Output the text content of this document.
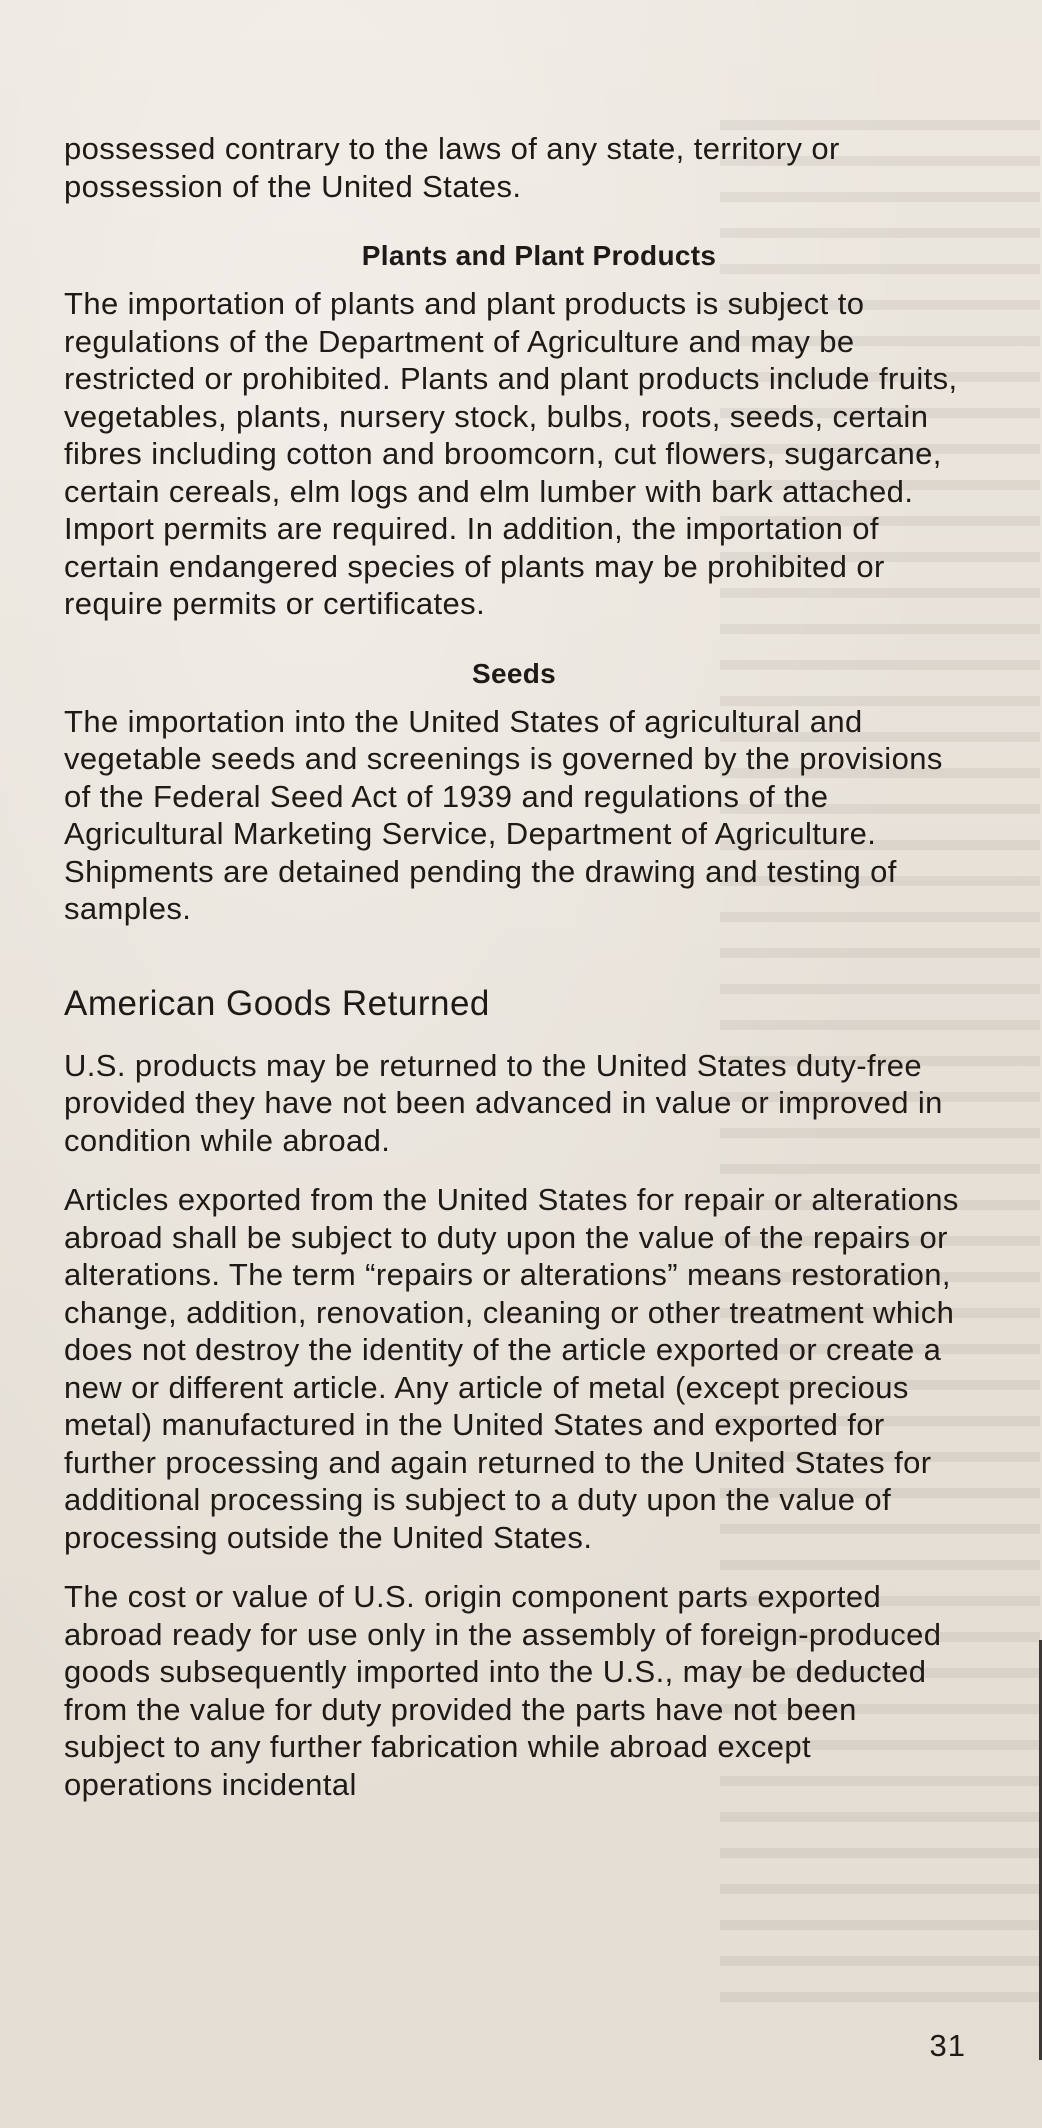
possessed contrary to the laws of any state, territory or possession of the United States.

Plants and Plant Products

The importation of plants and plant products is subject to regulations of the Department of Agriculture and may be restricted or prohibited. Plants and plant products include fruits, vegetables, plants, nursery stock, bulbs, roots, seeds, certain fibres including cotton and broomcorn, cut flowers, sugarcane, certain cereals, elm logs and elm lumber with bark attached. Import permits are required. In addition, the importation of certain endangered species of plants may be prohibited or require permits or certificates.

Seeds

The importation into the United States of agricultural and vegetable seeds and screenings is governed by the provisions of the Federal Seed Act of 1939 and regulations of the Agricultural Marketing Service, Department of Agriculture. Shipments are detained pending the drawing and testing of samples.

American Goods Returned

U.S. products may be returned to the United States duty-free provided they have not been advanced in value or improved in condition while abroad.

Articles exported from the United States for repair or alterations abroad shall be subject to duty upon the value of the repairs or alterations. The term “repairs or alterations” means restoration, change, addition, renovation, cleaning or other treatment which does not destroy the identity of the article exported or create a new or different article. Any article of metal (except precious metal) manufactured in the United States and exported for further processing and again returned to the United States for additional processing is subject to a duty upon the value of processing outside the United States.

The cost or value of U.S. origin component parts exported abroad ready for use only in the assembly of foreign-produced goods subsequently imported into the U.S., may be deducted from the value for duty provided the parts have not been subject to any further fabrication while abroad except operations incidental

31
